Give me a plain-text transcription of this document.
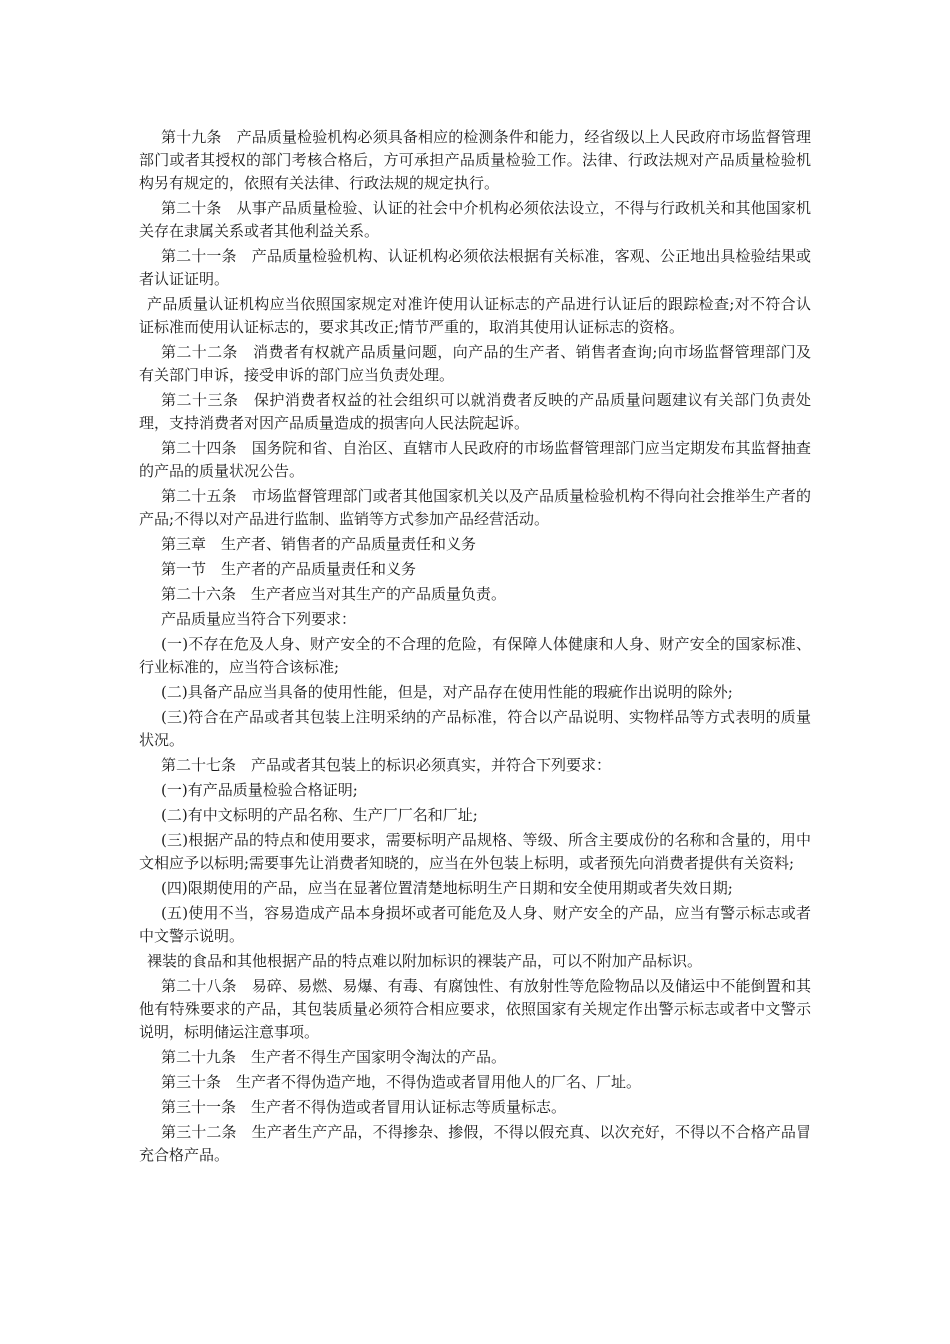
第十九条　产品质量检验机构必须具备相应的检测条件和能力，经省级以上人民政府市场监督管理部门或者其授权的部门考核合格后，方可承担产品质量检验工作。法律、行政法规对产品质量检验机构另有规定的，依照有关法律、行政法规的规定执行。

第二十条　从事产品质量检验、认证的社会中介机构必须依法设立，不得与行政机关和其他国家机关存在隶属关系或者其他利益关系。

第二十一条　产品质量检验机构、认证机构必须依法根据有关标准，客观、公正地出具检验结果或者认证证明。

产品质量认证机构应当依照国家规定对准许使用认证标志的产品进行认证后的跟踪检查;对不符合认证标准而使用认证标志的，要求其改正;情节严重的，取消其使用认证标志的资格。

第二十二条　消费者有权就产品质量问题，向产品的生产者、销售者查询;向市场监督管理部门及有关部门申诉，接受申诉的部门应当负责处理。

第二十三条　保护消费者权益的社会组织可以就消费者反映的产品质量问题建议有关部门负责处理，支持消费者对因产品质量造成的损害向人民法院起诉。

第二十四条　国务院和省、自治区、直辖市人民政府的市场监督管理部门应当定期发布其监督抽查的产品的质量状况公告。

第二十五条　市场监督管理部门或者其他国家机关以及产品质量检验机构不得向社会推举生产者的产品;不得以对产品进行监制、监销等方式参加产品经营活动。

第三章　生产者、销售者的产品质量责任和义务

第一节　生产者的产品质量责任和义务

第二十六条　生产者应当对其生产的产品质量负责。

产品质量应当符合下列要求：

(一)不存在危及人身、财产安全的不合理的危险，有保障人体健康和人身、财产安全的国家标准、行业标准的，应当符合该标准;

(二)具备产品应当具备的使用性能，但是，对产品存在使用性能的瑕疵作出说明的除外;

(三)符合在产品或者其包装上注明采纳的产品标准，符合以产品说明、实物样品等方式表明的质量状况。

第二十七条　产品或者其包装上的标识必须真实，并符合下列要求：

(一)有产品质量检验合格证明;

(二)有中文标明的产品名称、生产厂厂名和厂址;

(三)根据产品的特点和使用要求，需要标明产品规格、等级、所含主要成份的名称和含量的，用中文相应予以标明;需要事先让消费者知晓的，应当在外包装上标明，或者预先向消费者提供有关资料;

(四)限期使用的产品，应当在显著位置清楚地标明生产日期和安全使用期或者失效日期;

(五)使用不当，容易造成产品本身损坏或者可能危及人身、财产安全的产品，应当有警示标志或者中文警示说明。

裸装的食品和其他根据产品的特点难以附加标识的裸装产品，可以不附加产品标识。

第二十八条　易碎、易燃、易爆、有毒、有腐蚀性、有放射性等危险物品以及储运中不能倒置和其他有特殊要求的产品，其包装质量必须符合相应要求，依照国家有关规定作出警示标志或者中文警示说明，标明储运注意事项。

第二十九条　生产者不得生产国家明令淘汰的产品。

第三十条　生产者不得伪造产地，不得伪造或者冒用他人的厂名、厂址。

第三十一条　生产者不得伪造或者冒用认证标志等质量标志。

第三十二条　生产者生产产品，不得掺杂、掺假，不得以假充真、以次充好，不得以不合格产品冒充合格产品。
